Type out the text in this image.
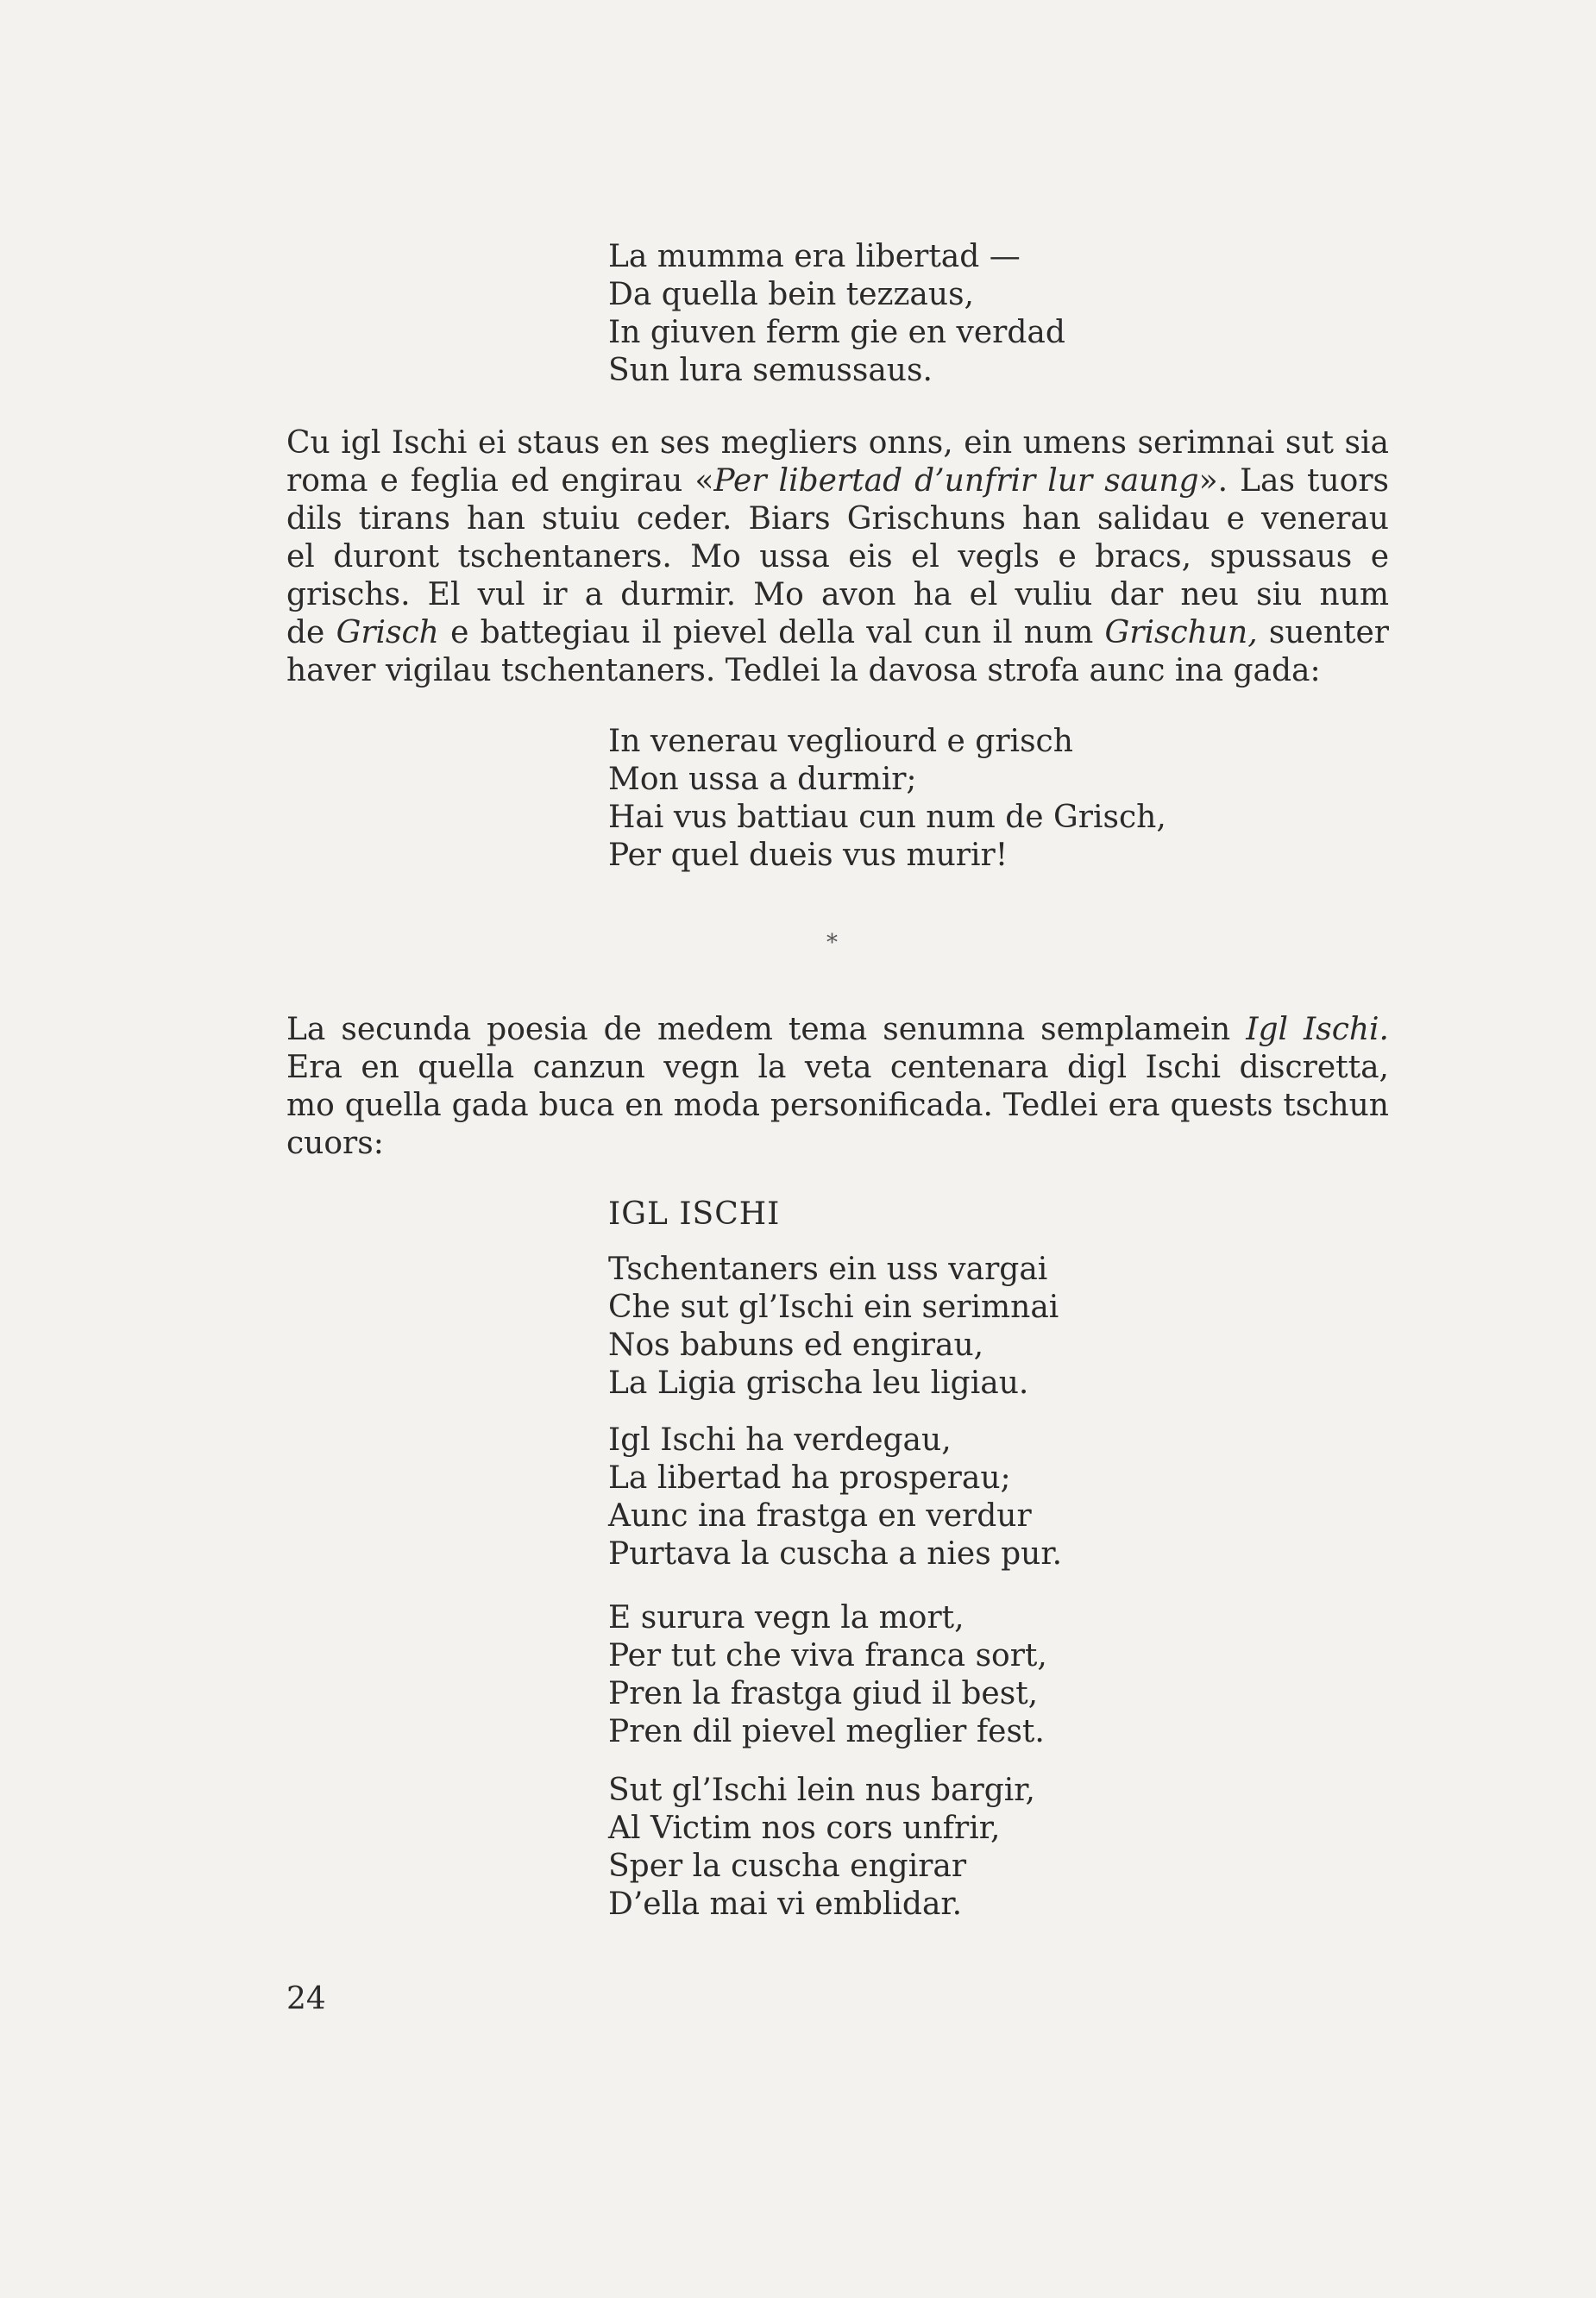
La mumma era libertad —
Da quella bein tezzaus,
In giuven ferm gie en verdad
Sun lura semussaus.
Cu igl Ischi ei staus en ses megliers onns, ein umens serimnai sut sia
roma e feglia ed engirau «Per libertad d’unfrir lur saung». Las tuors
dils tirans han stuiu ceder. Biars Grischuns han salidau e venerau
el duront tschentaners. Mo ussa eis el vegls e bracs, spussaus e
grischs. El vul ir a durmir. Mo avon ha el vuliu dar neu siu num
de Grisch e battegiau il pievel della val cun il num Grischun, suenter
haver vigilau tschentaners. Tedlei la davosa strofa aunc ina gada:
In venerau vegliourd e grisch
Mon ussa a durmir;
Hai vus battiau cun num de Grisch,
Per quel dueis vus murir!
*
La secunda poesia de medem tema senumna semplamein Igl Ischi.
Era en quella canzun vegn la veta centenara digl Ischi discretta,
mo quella gada buca en moda personificada. Tedlei era quests tschun
cuors:
IGL ISCHI
Tschentaners ein uss vargai
Che sut gl’Ischi ein serimnai
Nos babuns ed engirau,
La Ligia grischa leu ligiau.
Igl Ischi ha verdegau,
La libertad ha prosperau;
Aunc ina frastga en verdur
Purtava la cuscha a nies pur.
E surura vegn la mort,
Per tut che viva franca sort,
Pren la frastga giud il best,
Pren dil pievel meglier fest.
Sut gl’Ischi lein nus bargir,
Al Victim nos cors unfrir,
Sper la cuscha engirar
D’ella mai vi emblidar.
24
